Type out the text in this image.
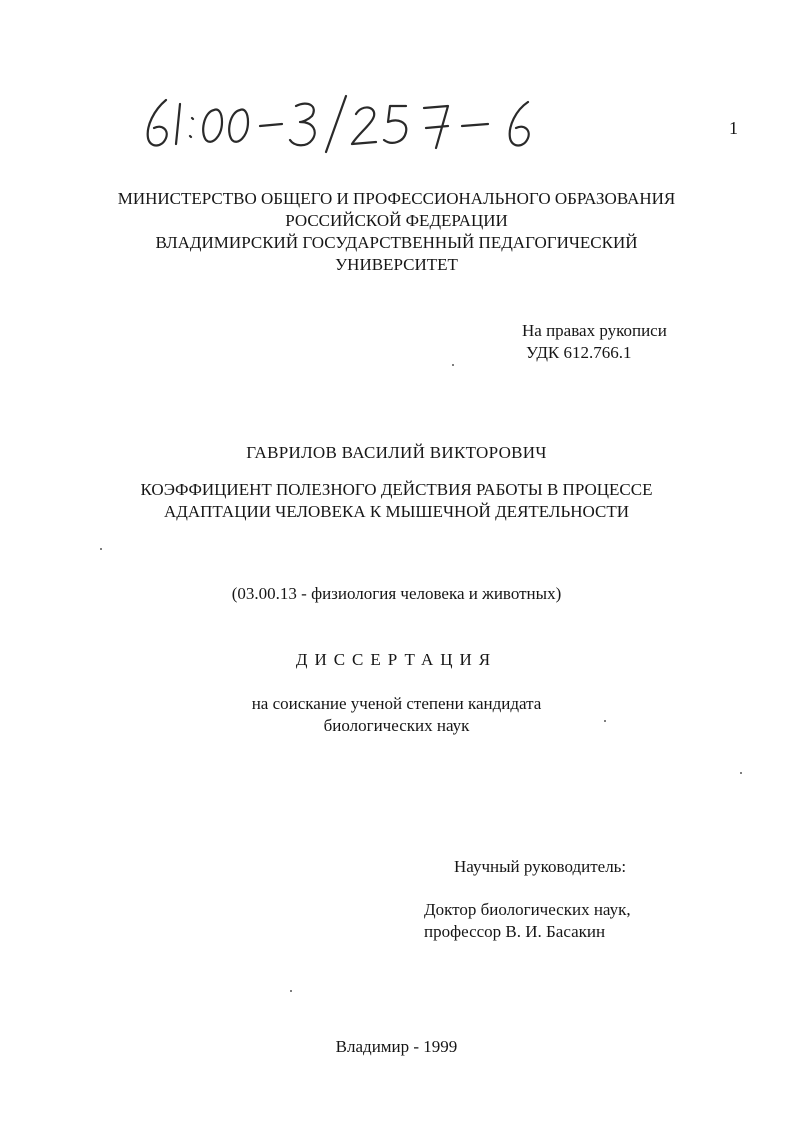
1
МИНИСТЕРСТВО ОБЩЕГО И ПРОФЕССИОНАЛЬНОГО ОБРАЗОВАНИЯ
РОССИЙСКОЙ ФЕДЕРАЦИИ
ВЛАДИМИРСКИЙ ГОСУДАРСТВЕННЫЙ ПЕДАГОГИЧЕСКИЙ
УНИВЕРСИТЕТ
На правах рукописи
УДК 612.766.1
ГАВРИЛОВ ВАСИЛИЙ ВИКТОРОВИЧ
КОЭФФИЦИЕНТ ПОЛЕЗНОГО ДЕЙСТВИЯ РАБОТЫ В ПРОЦЕССЕ
АДАПТАЦИИ ЧЕЛОВЕКА К МЫШЕЧНОЙ ДЕЯТЕЛЬНОСТИ
(03.00.13 - физиология человека и животных)
ДИССЕРТАЦИЯ
на соискание ученой степени кандидата
биологических наук
Научный руководитель:
Доктор биологических наук,
профессор В. И. Басакин
Владимир - 1999
